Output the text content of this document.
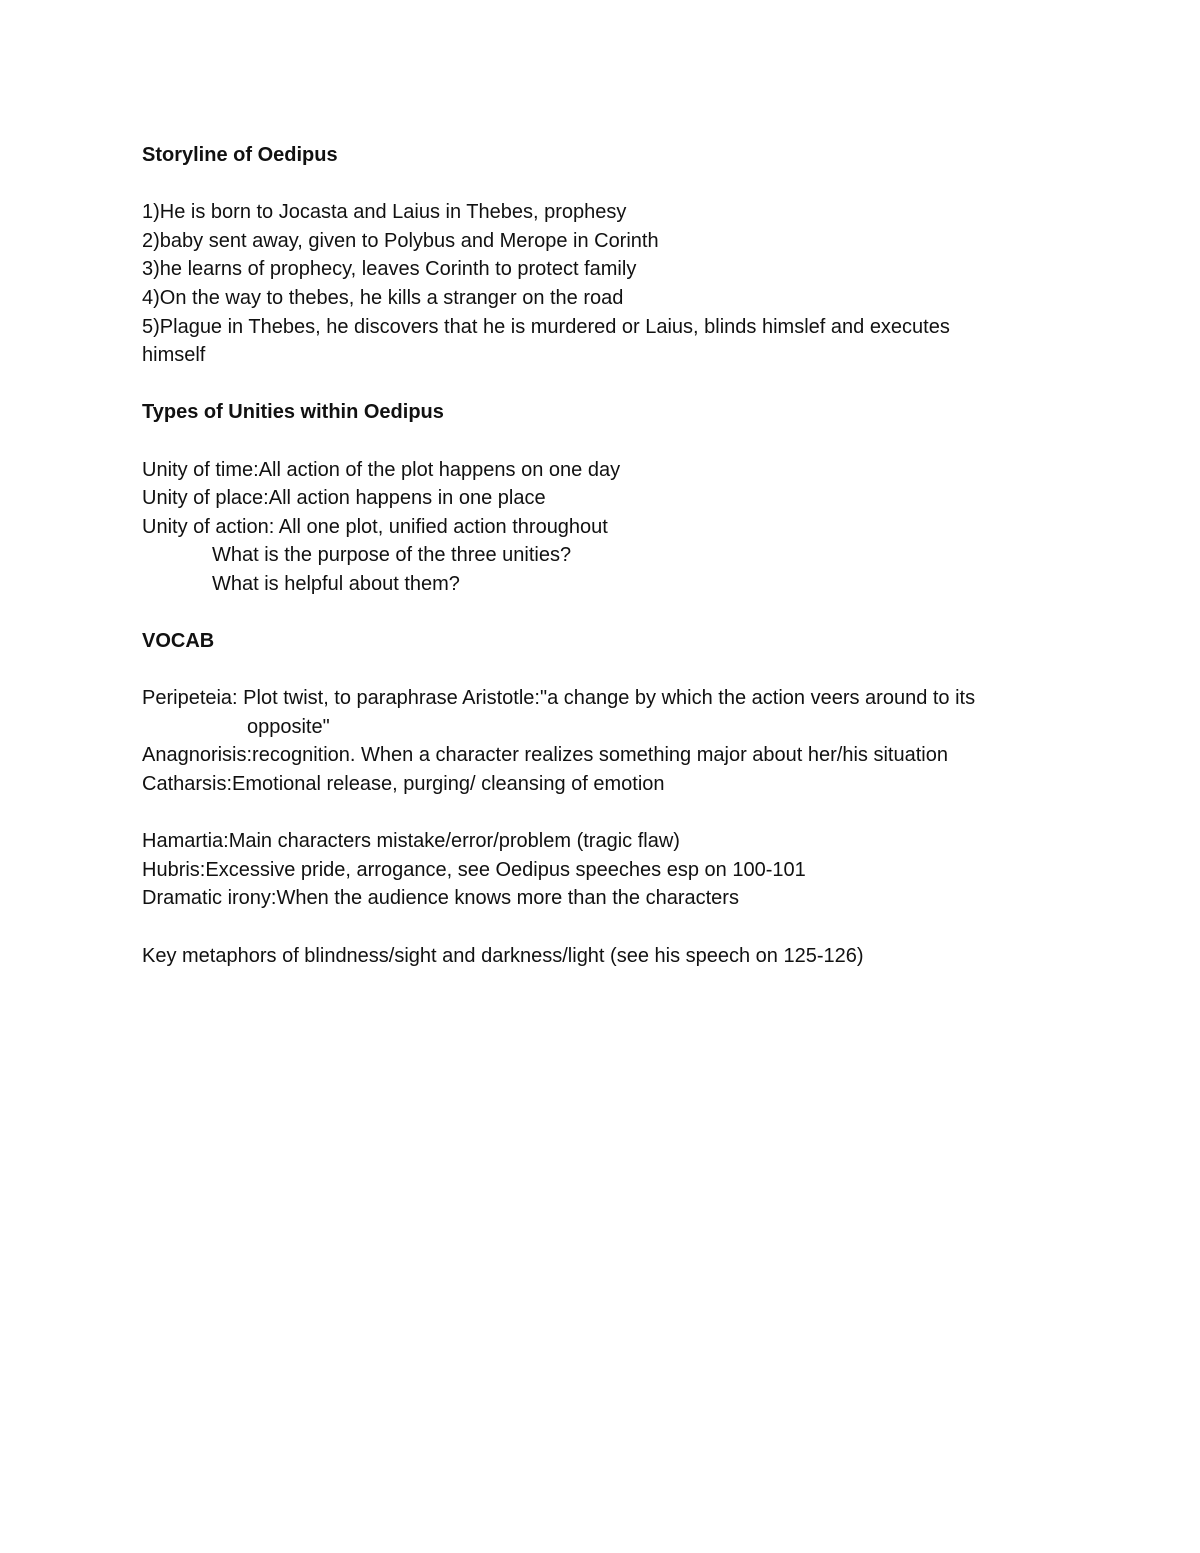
Storyline of Oedipus

1)He is born to Jocasta and Laius in Thebes, prophesy

2)baby sent away, given to Polybus and Merope in Corinth

3)he learns of prophecy, leaves Corinth to protect family

4)On the way to thebes, he kills a stranger on the road

5)Plague in Thebes, he discovers that he is murdered or Laius, blinds himslef and executes

himself

Types of Unities within Oedipus

Unity of time:All action of the plot happens on one day

Unity of place:All action happens in one place

Unity of action: All one plot, unified action throughout

What is the purpose of the three unities?

What is helpful about them?

VOCAB

Peripeteia: Plot twist, to paraphrase Aristotle:"a change by which the action veers around to its

opposite"

Anagnorisis:recognition. When a character realizes something major about her/his situation

Catharsis:Emotional release, purging/ cleansing of emotion

Hamartia:Main characters mistake/error/problem (tragic flaw)

Hubris:Excessive pride, arrogance, see Oedipus speeches esp on 100-101

Dramatic irony:When the audience knows more than the characters

Key metaphors of blindness/sight and darkness/light (see his speech on 125-126)
